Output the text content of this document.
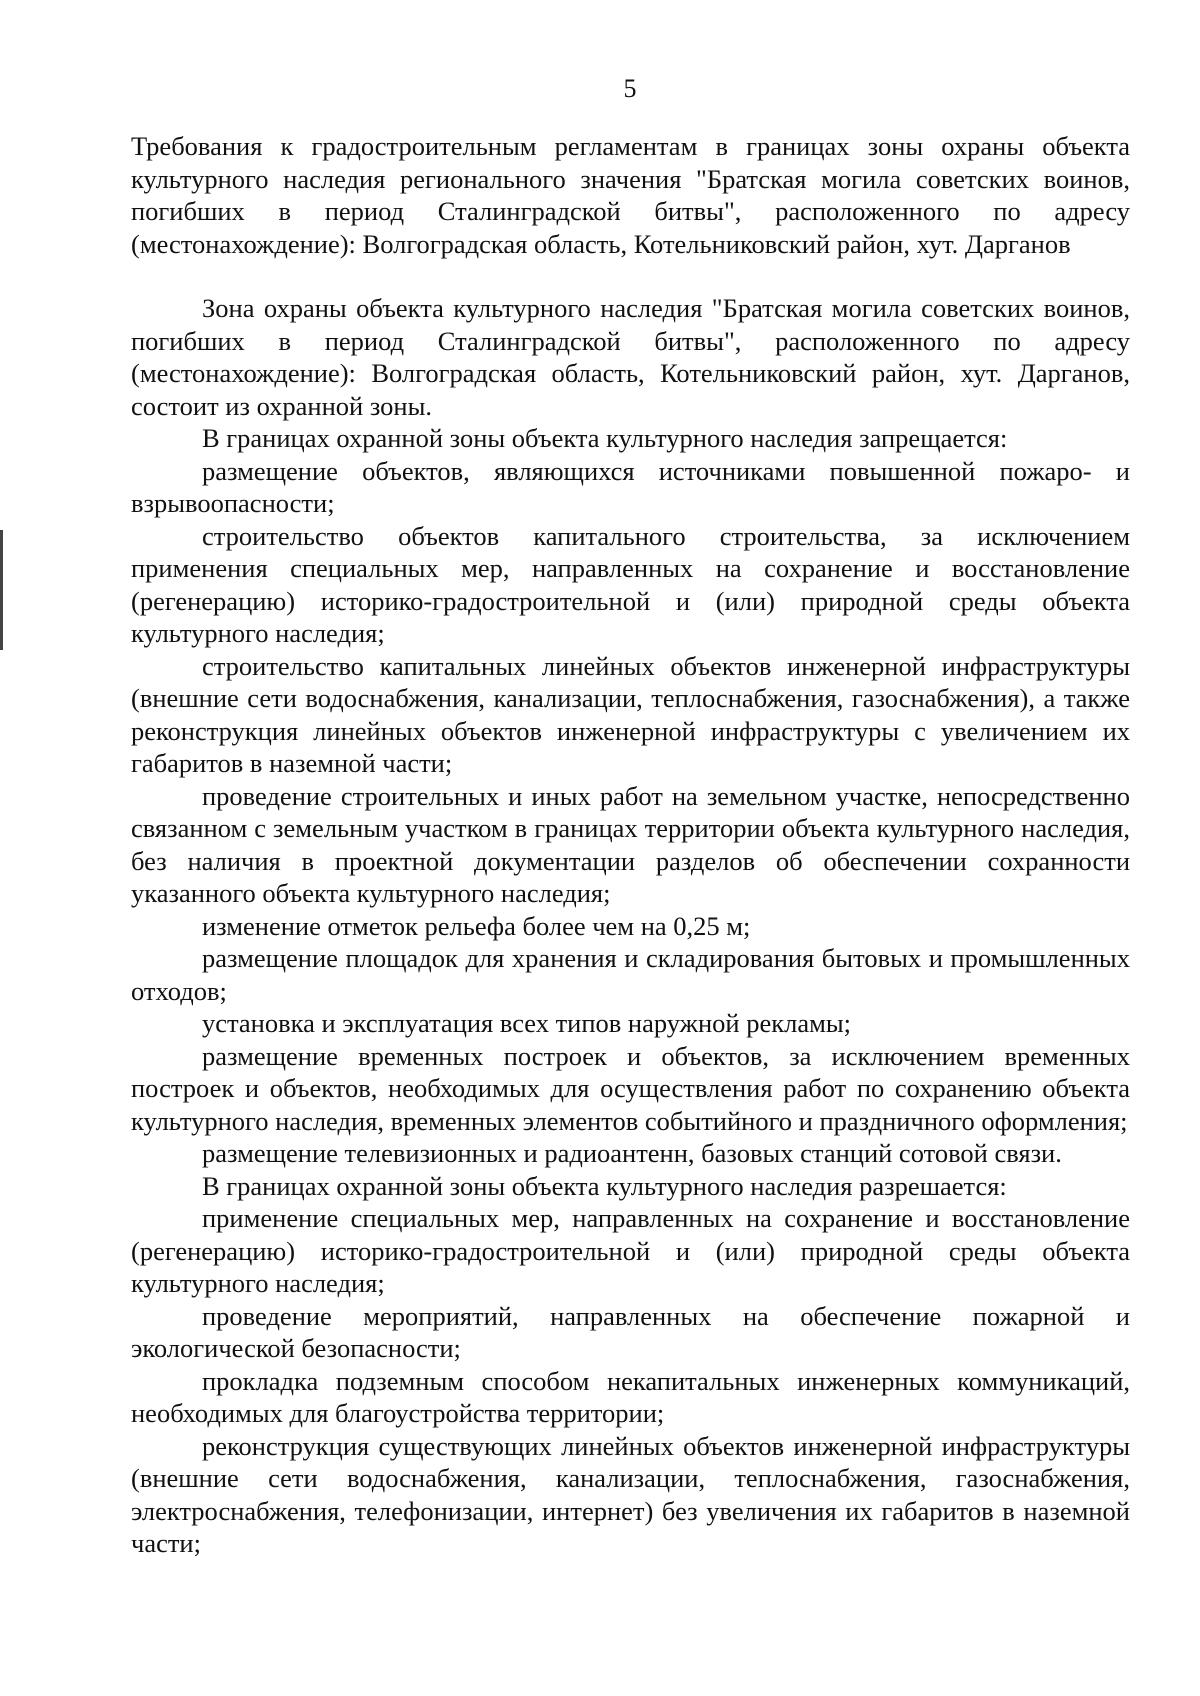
5

Требования к градостроительным регламентам в границах зоны охраны объекта культурного наследия регионального значения "Братская могила советских воинов, погибших в период Сталинградской битвы", расположенного по адресу (местонахождение): Волгоградская область, Котельниковский район, хут. Дарганов

Зона охраны объекта культурного наследия "Братская могила советских воинов, погибших в период Сталинградской битвы", расположенного по адресу (местонахождение): Волгоградская область, Котельниковский район, хут. Дарганов, состоит из охранной зоны.

В границах охранной зоны объекта культурного наследия запрещается:

размещение объектов, являющихся источниками повышенной пожаро- и взрывоопасности;

строительство объектов капитального строительства, за исключением применения специальных мер, направленных на сохранение и восстановление (регенерацию) историко-градостроительной и (или) природной среды объекта культурного наследия;

строительство капитальных линейных объектов инженерной инфраструктуры (внешние сети водоснабжения, канализации, теплоснабжения, газоснабжения), а также реконструкция линейных объектов инженерной инфраструктуры с увеличением их габаритов в наземной части;

проведение строительных и иных работ на земельном участке, непосредственно связанном с земельным участком в границах территории объекта культурного наследия, без наличия в проектной документации разделов об обеспечении сохранности указанного объекта культурного наследия;

изменение отметок рельефа более чем на 0,25 м;

размещение площадок для хранения и складирования бытовых и промышленных отходов;

установка и эксплуатация всех типов наружной рекламы;

размещение временных построек и объектов, за исключением временных построек и объектов, необходимых для осуществления работ по сохранению объекта культурного наследия, временных элементов событийного и праздничного оформления;

размещение телевизионных и радиоантенн, базовых станций сотовой связи.

В границах охранной зоны объекта культурного наследия разрешается:

применение специальных мер, направленных на сохранение и восстановление (регенерацию) историко-градостроительной и (или) природной среды объекта культурного наследия;

проведение мероприятий, направленных на обеспечение пожарной и экологической безопасности;

прокладка подземным способом некапитальных инженерных коммуникаций, необходимых для благоустройства территории;

реконструкция существующих линейных объектов инженерной инфраструктуры (внешние сети водоснабжения, канализации, теплоснабжения, газоснабжения, электроснабжения, телефонизации, интернет) без увеличения их габаритов в наземной части;
